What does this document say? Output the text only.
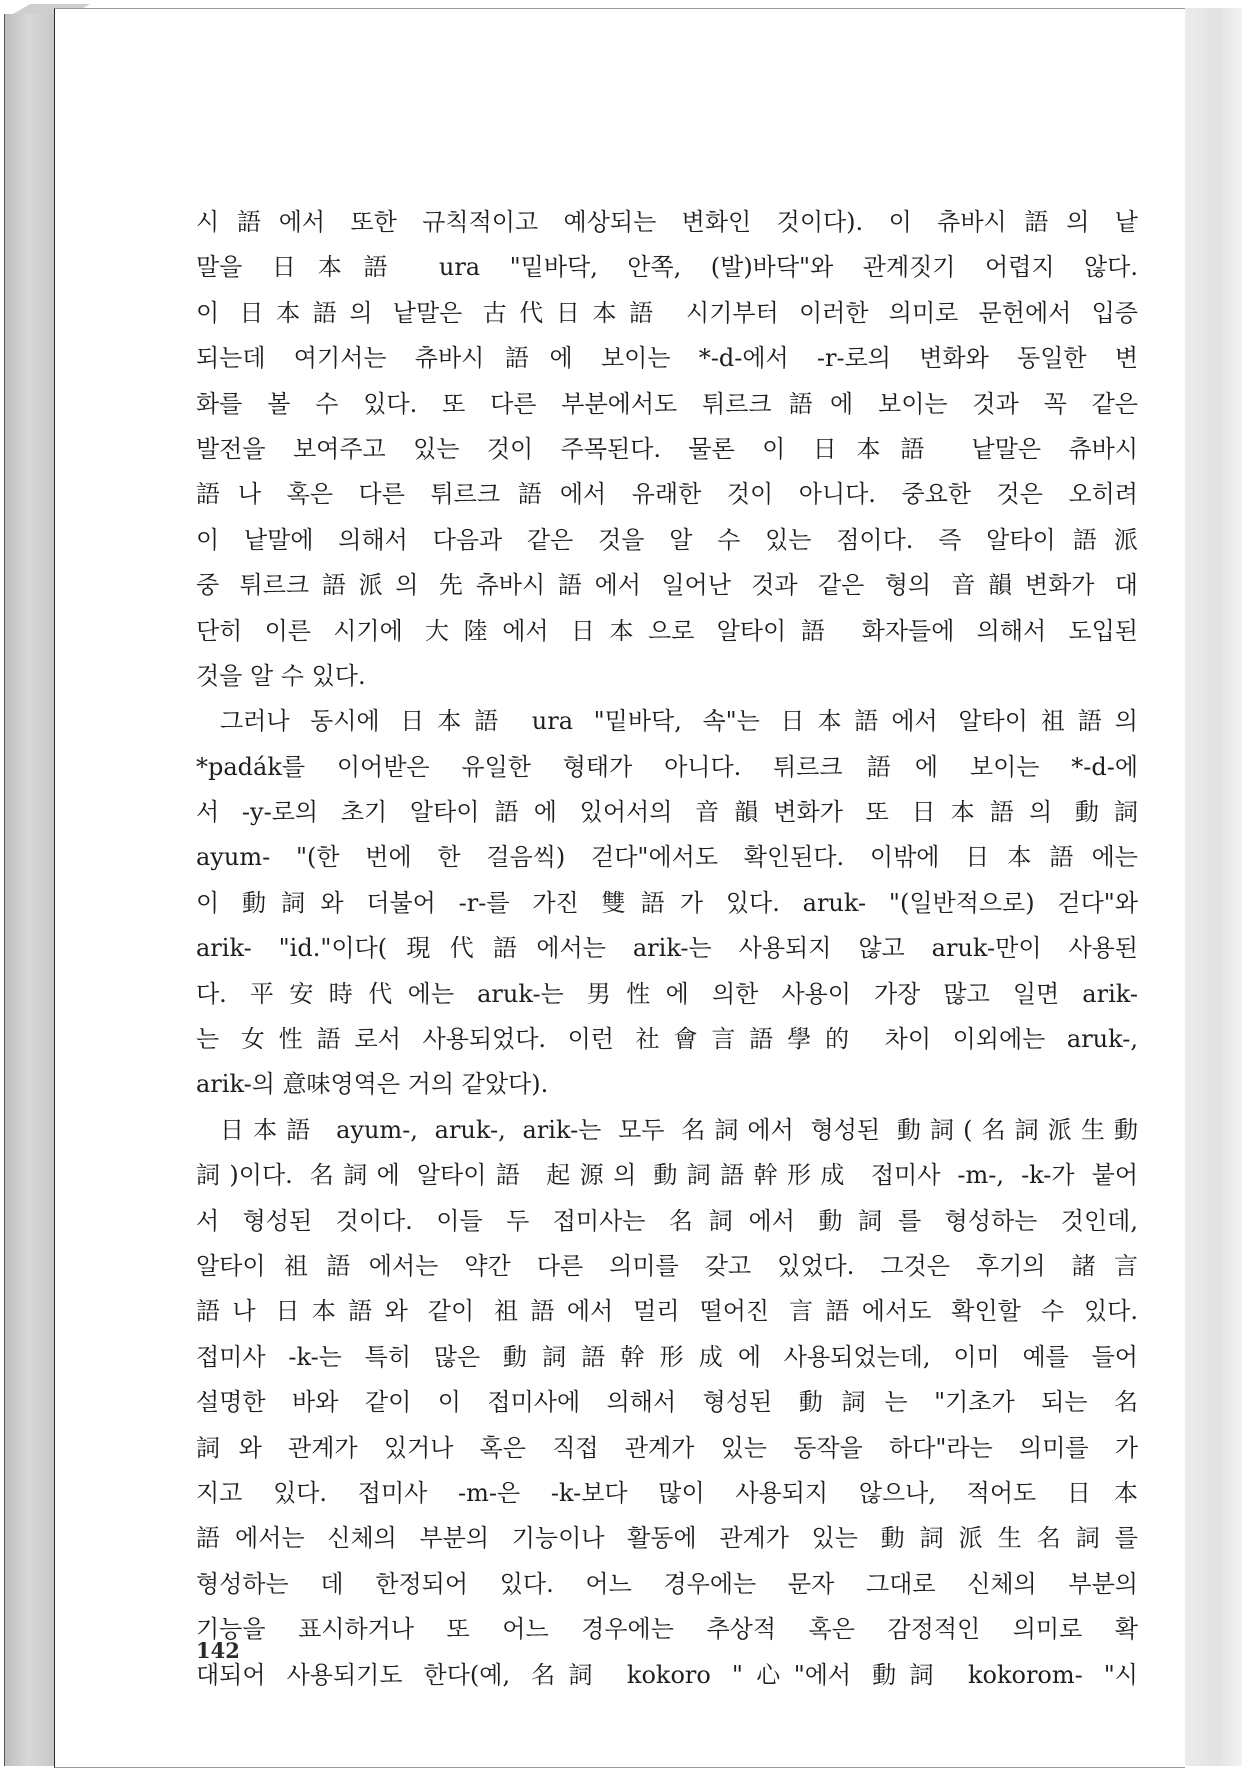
시語에서 또한 규칙적이고 예상되는 변화인 것이다). 이 츄바시語의 낱
말을 日本語 ura "밑바닥, 안쪽, (발)바닥"와 관계짓기 어렵지 않다.
이 日本語의 낱말은 古代日本語 시기부터 이러한 의미로 문헌에서 입증
되는데 여기서는 츄바시語에 보이는 *-d-에서 -r-로의 변화와 동일한 변
화를 볼 수 있다. 또 다른 부분에서도 튀르크語에 보이는 것과 꼭 같은
발전을 보여주고 있는 것이 주목된다. 물론 이 日本語 낱말은 츄바시
語나 혹은 다른 튀르크語에서 유래한 것이 아니다. 중요한 것은 오히려
이 낱말에 의해서 다음과 같은 것을 알 수 있는 점이다. 즉 알타이語派
중 튀르크語派의 先츄바시語에서 일어난 것과 같은 형의 音韻변화가 대
단히 이른 시기에 大陸에서 日本으로 알타이語 화자들에 의해서 도입된
것을 알 수 있다.
그러나 동시에 日本語 ura "밑바닥, 속"는 日本語에서 알타이祖語의
*padák를 이어받은 유일한 형태가 아니다. 튀르크語에 보이는 *-d-에
서 -y-로의 초기 알타이語에 있어서의 音韻변화가 또 日本語의 動詞
ayum- "(한 번에 한 걸음씩) 걷다"에서도 확인된다. 이밖에 日本語에는
이 動詞와 더불어 -r-를 가진 雙語가 있다. aruk- "(일반적으로) 걷다"와
arik- "id."이다(現代語에서는 arik-는 사용되지 않고 aruk-만이 사용된
다. 平安時代에는 aruk-는 男性에 의한 사용이 가장 많고 일면 arik-
는 女性語로서 사용되었다. 이런 社會言語學的 차이 이외에는 aruk-,
arik-의 意味영역은 거의 같았다).
日本語 ayum-, aruk-, arik-는 모두 名詞에서 형성된 動詞(名詞派生動
詞)이다. 名詞에 알타이語 起源의 動詞語幹形成 접미사 -m-, -k-가 붙어
서 형성된 것이다. 이들 두 접미사는 名詞에서 動詞를 형성하는 것인데,
알타이祖語에서는 약간 다른 의미를 갖고 있었다. 그것은 후기의 諸言
語나 日本語와 같이 祖語에서 멀리 떨어진 言語에서도 확인할 수 있다.
접미사 -k-는 특히 많은 動詞語幹形成에 사용되었는데, 이미 예를 들어
설명한 바와 같이 이 접미사에 의해서 형성된 動詞는 "기초가 되는 名
詞와 관계가 있거나 혹은 직접 관계가 있는 동작을 하다"라는 의미를 가
지고 있다. 접미사 -m-은 -k-보다 많이 사용되지 않으나, 적어도 日本
語에서는 신체의 부분의 기능이나 활동에 관계가 있는 動詞派生名詞를
형성하는 데 한정되어 있다. 어느 경우에는 문자 그대로 신체의 부분의
기능을 표시하거나 또 어느 경우에는 추상적 혹은 감정적인 의미로 확
대되어 사용되기도 한다(예, 名詞 kokoro "心"에서 動詞 kokorom- "시
142
